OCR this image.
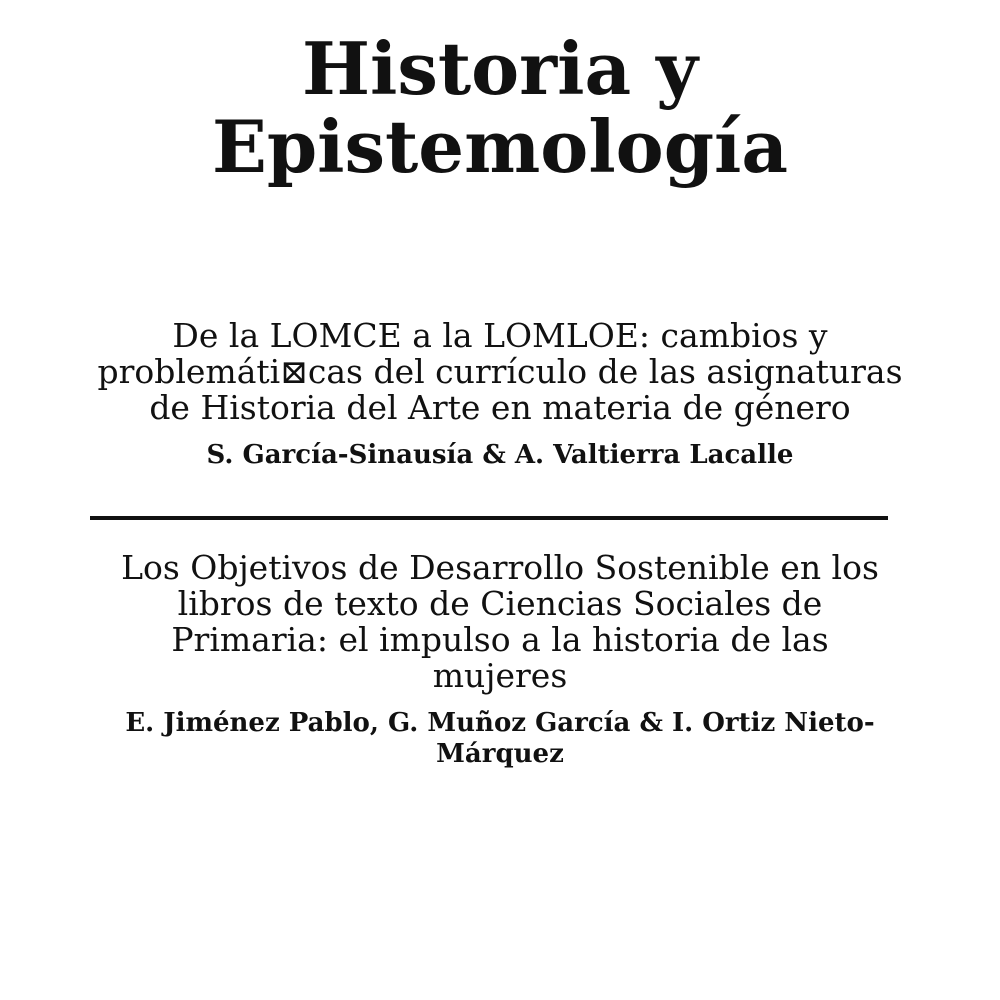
Historia y
Epistemología
De la LOMCE a la LOMLOE: cambios y
problemáti⊠cas del currículo de las asignaturas
de Historia del Arte en materia de género
S. García-Sinausía & A. Valtierra Lacalle
Los Objetivos de Desarrollo Sostenible en los
libros de texto de Ciencias Sociales de
Primaria: el impulso a la historia de las
mujeres
E. Jiménez Pablo, G. Muñoz García & I. Ortiz Nieto-
Márquez
